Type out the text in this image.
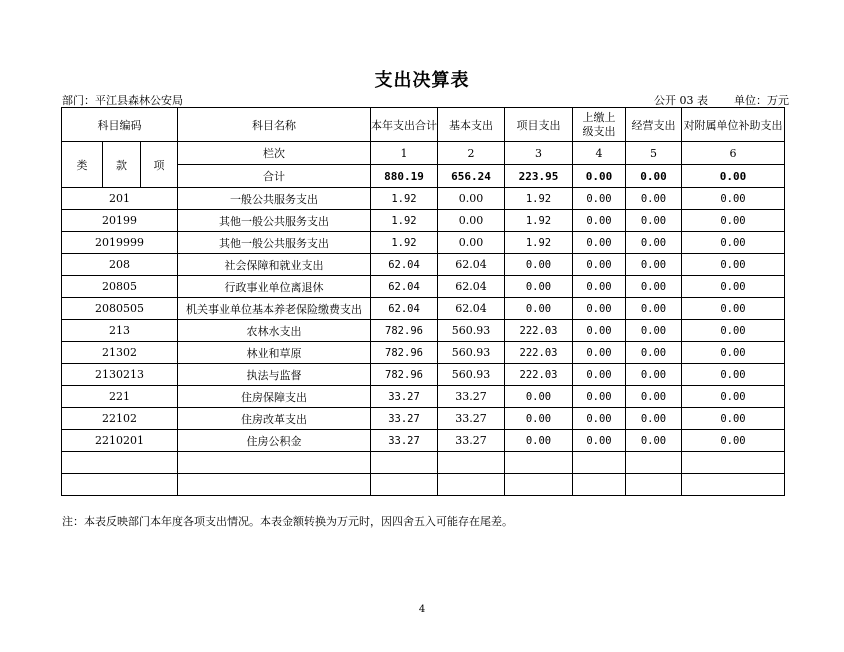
支出决算表
部门：平江县森林公安局	公开 03 表 单位：万元
科目编码			科目名称	本年支出合计	基本支出	项目支出	上缴上级支出	经营支出	对附属单位补助支出
类	款	项	栏次	1	2	3	4	5	6
			合计	880.19	656.24	223.95	0.00	0.00	0.00
201			一般公共服务支出	1.92	0.00	1.92	0.00	0.00	0.00
20199			其他一般公共服务支出	1.92	0.00	1.92	0.00	0.00	0.00
2019999			其他一般公共服务支出	1.92	0.00	1.92	0.00	0.00	0.00
208			社会保障和就业支出	62.04	62.04	0.00	0.00	0.00	0.00
20805			行政事业单位离退休	62.04	62.04	0.00	0.00	0.00	0.00
2080505			机关事业单位基本养老保险缴费支出	62.04	62.04	0.00	0.00	0.00	0.00
213			农林水支出	782.96	560.93	222.03	0.00	0.00	0.00
21302			林业和草原	782.96	560.93	222.03	0.00	0.00	0.00
2130213			执法与监督	782.96	560.93	222.03	0.00	0.00	0.00
221			住房保障支出	33.27	33.27	0.00	0.00	0.00	0.00
22102			住房改革支出	33.27	33.27	0.00	0.00	0.00	0.00
2210201			住房公积金	33.27	33.27	0.00	0.00	0.00	0.00

注：本表反映部门本年度各项支出情况。本表金额转换为万元时，因四舍五入可能存在尾差。
4
